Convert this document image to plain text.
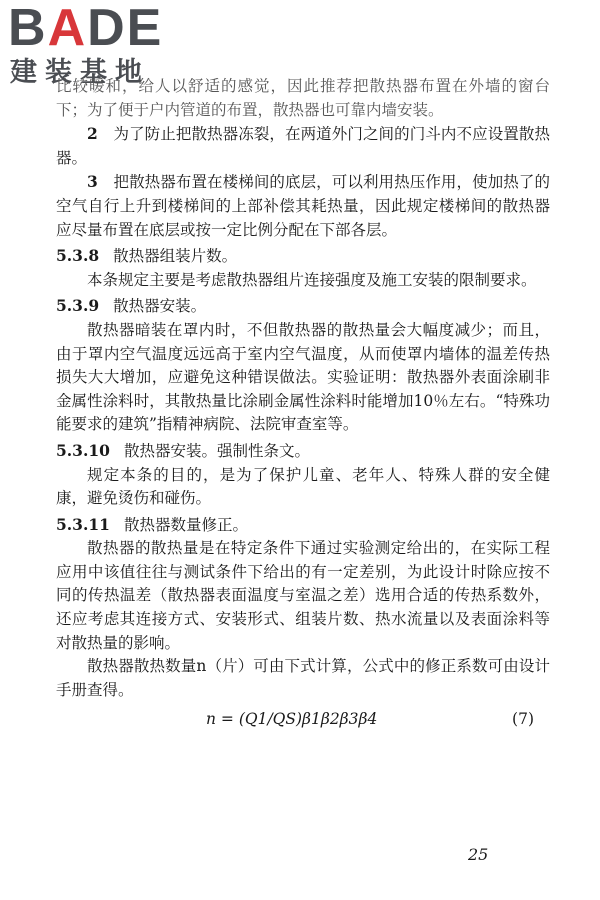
BADE
建装基地

比较暖和，给人以舒适的感觉，因此推荐把散热器布置在外墙的窗台下；为了便于户内管道的布置，散热器也可靠内墙安装。

2　 为了防止把散热器冻裂，在两道外门之间的门斗内不应设置散热器。

3　 把散热器布置在楼梯间的底层，可以利用热压作用，使加热了的空气自行上升到楼梯间的上部补偿其耗热量，因此规定楼梯间的散热器应尽量布置在底层或按一定比例分配在下部各层。

5.3.8 散热器组装片数。

本条规定主要是考虑散热器组片连接强度及施工安装的限制要求。

5.3.9 散热器安装。

散热器暗装在罩内时，不但散热器的散热量会大幅度减少；而且，由于罩内空气温度远远高于室内空气温度，从而使罩内墙体的温差传热损失大大增加，应避免这种错误做法。实验证明：散热器外表面涂刷非金属性涂料时，其散热量比涂刷金属性涂料时能增加10％左右。“特殊功能要求的建筑”指精神病院、法院审查室等。

5.3.10 散热器安装。强制性条文。

规定本条的目的，是为了保护儿童、老年人、特殊人群的安全健康，避免烫伤和碰伤。

5.3.11 散热器数量修正。

散热器的散热量是在特定条件下通过实验测定给出的，在实际工程应用中该值往往与测试条件下给出的有一定差别，为此设计时除应按不同的传热温差（散热器表面温度与室温之差）选用合适的传热系数外，还应考虑其连接方式、安装形式、组装片数、热水流量以及表面涂料等对散热量的影响。

散热器散热数量n（片）可由下式计算，公式中的修正系数可由设计手册查得。

n = (Q1/QS)β1β2β3β4	(7)
25
